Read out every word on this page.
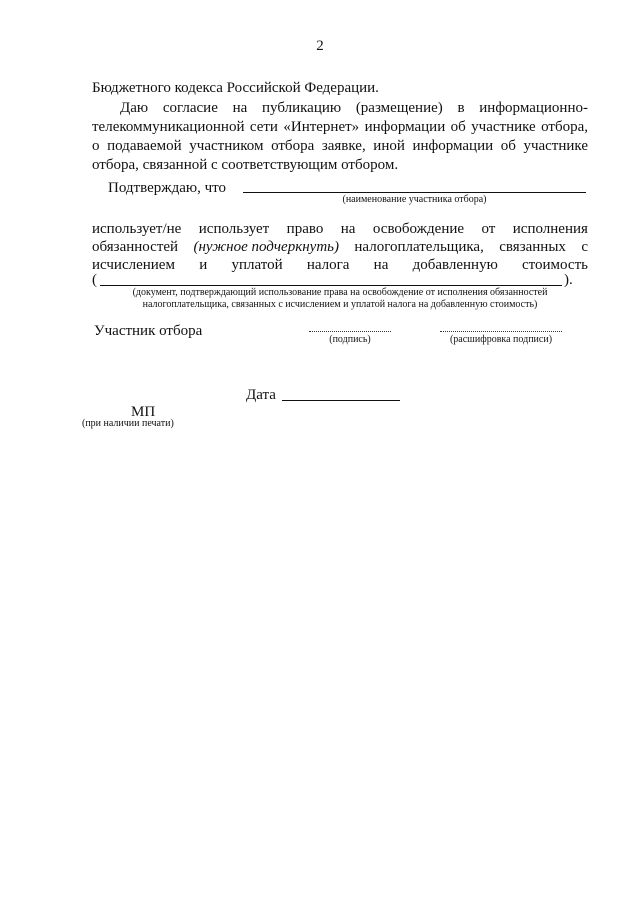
2
Бюджетного кодекса Российской Федерации.
Даю согласие на публикацию (размещение) в информационно-
телекоммуникационной сети «Интернет» информации об участнике отбора,
о подаваемой участником отбора заявке, иной информации об участнике
отбора, связанной с соответствующим отбором.
Подтверждаю, что
(наименование участника отбора)
использует/не использует право на освобождение от исполнения
обязанностей (нужное подчеркнуть) налогоплательщика, связанных с
исчислением и уплатой налога на добавленную стоимость
(	).
(документ, подтверждающий использование права на освобождение от исполнения обязанностей
налогоплательщика, связанных с исчислением и уплатой налога на добавленную стоимость)
Участник отбора
(подпись)	(расшифровка подписи)
Дата
МП
(при наличии печати)
